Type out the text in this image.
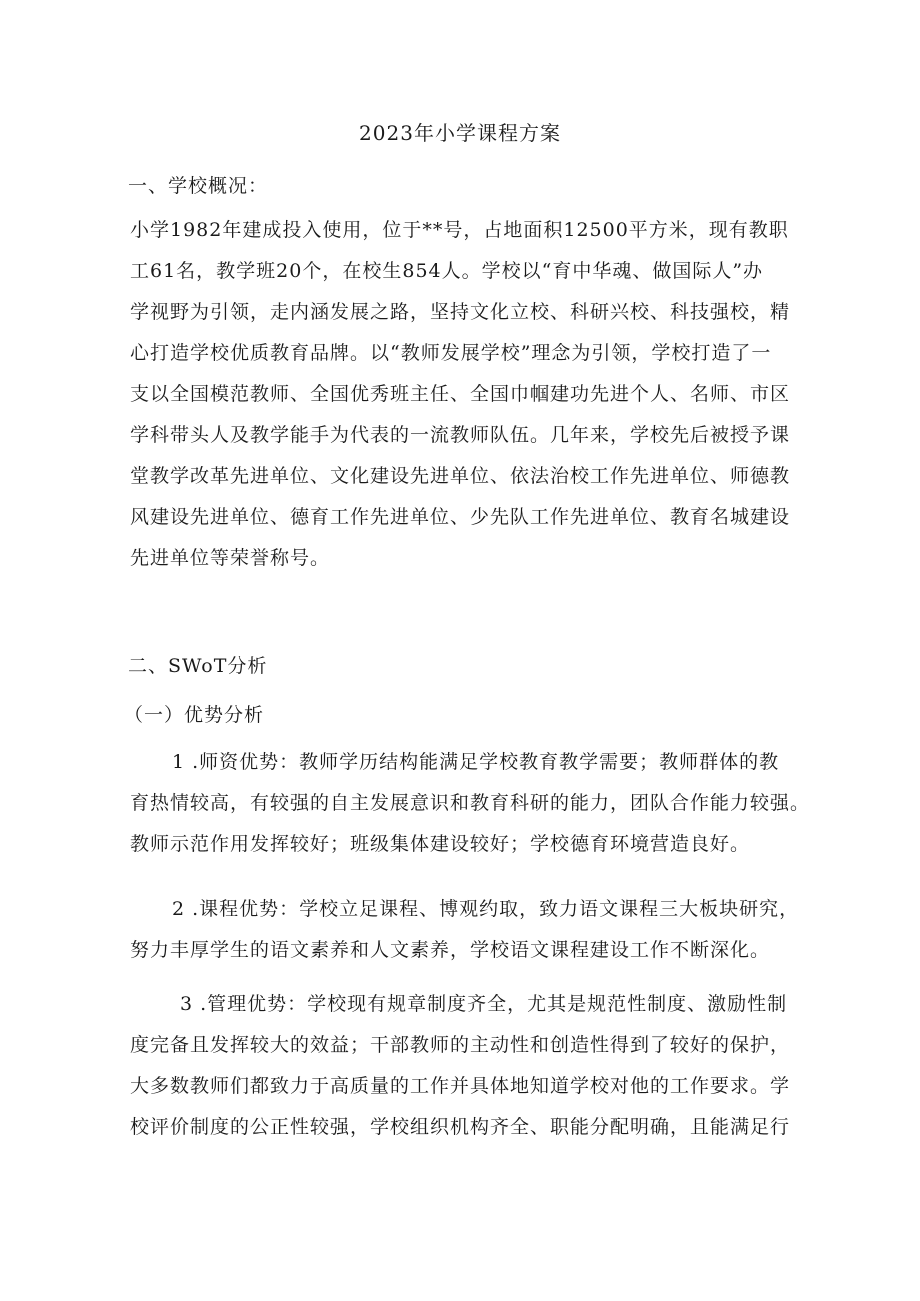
2023年小学课程方案
一、学校概况：

小学1982年建成投入使用，位于**号，占地面积12500平方米，现有教职
工61名，教学班20个，在校生854人。学校以“育中华魂、做国际人”办
学视野为引领，走内涵发展之路，坚持文化立校、科研兴校、科技强校，精
心打造学校优质教育品牌。以“教师发展学校”理念为引领，学校打造了一
支以全国模范教师、全国优秀班主任、全国巾帼建功先进个人、名师、市区
学科带头人及教学能手为代表的一流教师队伍。几年来，学校先后被授予课
堂教学改革先进单位、文化建设先进单位、依法治校工作先进单位、师德教
风建设先进单位、德育工作先进单位、少先队工作先进单位、教育名城建设
先进单位等荣誉称号。

二、SWoT分析
（一）优势分析

1 .师资优势：教师学历结构能满足学校教育教学需要；教师群体的教
育热情较高，有较强的自主发展意识和教育科研的能力，团队合作能力较强。
教师示范作用发挥较好；班级集体建设较好；学校德育环境营造良好。

2 .课程优势：学校立足课程、博观约取，致力语文课程三大板块研究，
努力丰厚学生的语文素养和人文素养，学校语文课程建设工作不断深化。

3 .管理优势：学校现有规章制度齐全，尤其是规范性制度、激励性制
度完备且发挥较大的效益；干部教师的主动性和创造性得到了较好的保护，
大多数教师们都致力于高质量的工作并具体地知道学校对他的工作要求。学
校评价制度的公正性较强，学校组织机构齐全、职能分配明确，且能满足行
